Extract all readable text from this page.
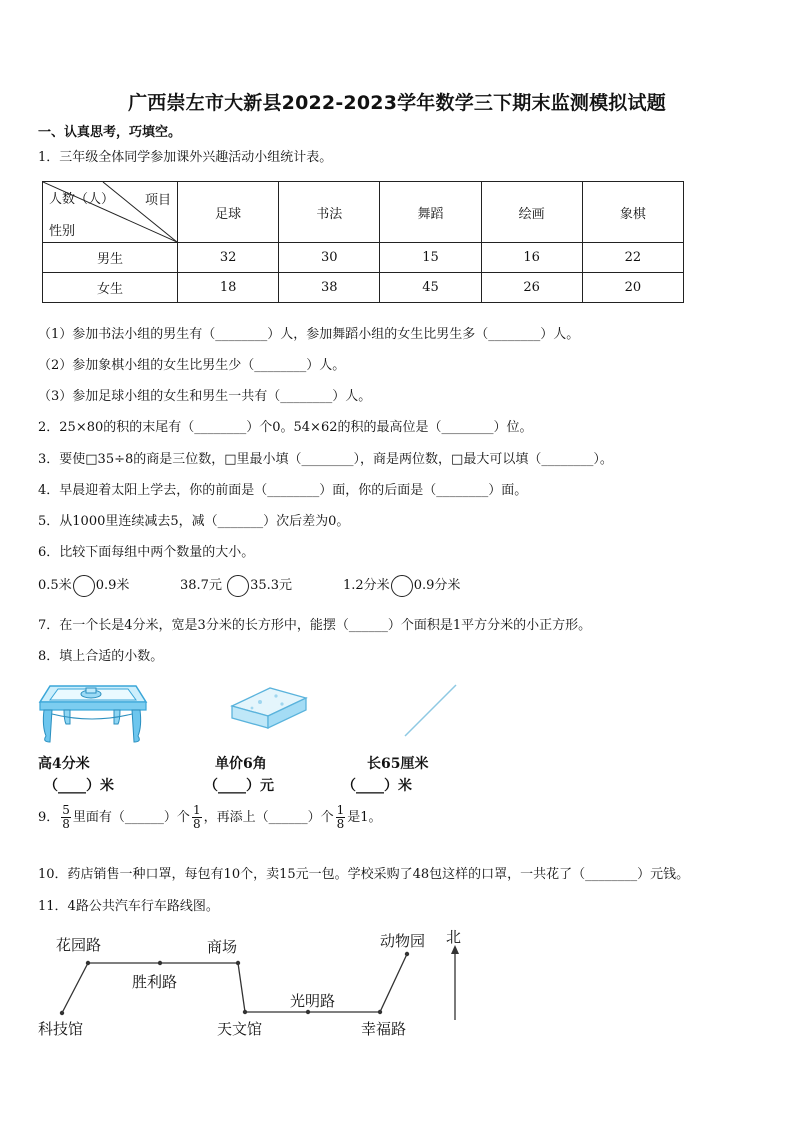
广西崇左市大新县2022-2023学年数学三下期末监测模拟试题
一、认真思考，巧填空。
1．三年级全体同学参加课外兴趣活动小组统计表。
项目
人数（人）
性别	足球	书法	舞蹈	绘画	象棋
男生	32	30	15	16	22
女生	18	38	45	26	20
（1）参加书法小组的男生有（________）人，参加舞蹈小组的女生比男生多（________）人。
（2）参加象棋小组的女生比男生少（________）人。
（3）参加足球小组的女生和男生一共有（________）人。
2．25×80的积的末尾有（________）个0。54×62的积的最高位是（________）位。
3．要使□35÷8的商是三位数，□里最小填（________），商是两位数，□最大可以填（________）。
4．早晨迎着太阳上学去，你的前面是（________）面，你的后面是（________）面。
5．从1000里连续减去5，减（_______）次后差为0。
6．比较下面每组中两个数量的大小。
0.5米 0.9米	38.7元 35.3元	1.2分米 0.9分米
7．在一个长是4分米，宽是3分米的长方形中，能摆（______）个面积是1平方分米的小正方形。
8．填上合适的小数。
高4分米
（____）米
单价6角
（____）元
长65厘米
（____）米
9． $\frac{5}{8}$ 里面有（______）个 $\frac{1}{8}$ ，再添上（______）个 $\frac{1}{8}$ 是1。
10．药店销售一种口罩，每包有10个，卖15元一包。学校采购了48包这样的口罩，一共花了（________）元钱。
11．4路公共汽车行车路线图。
花园路	商场
胜利路
科技馆	天文馆
光明路
幸福路
动物园 北
